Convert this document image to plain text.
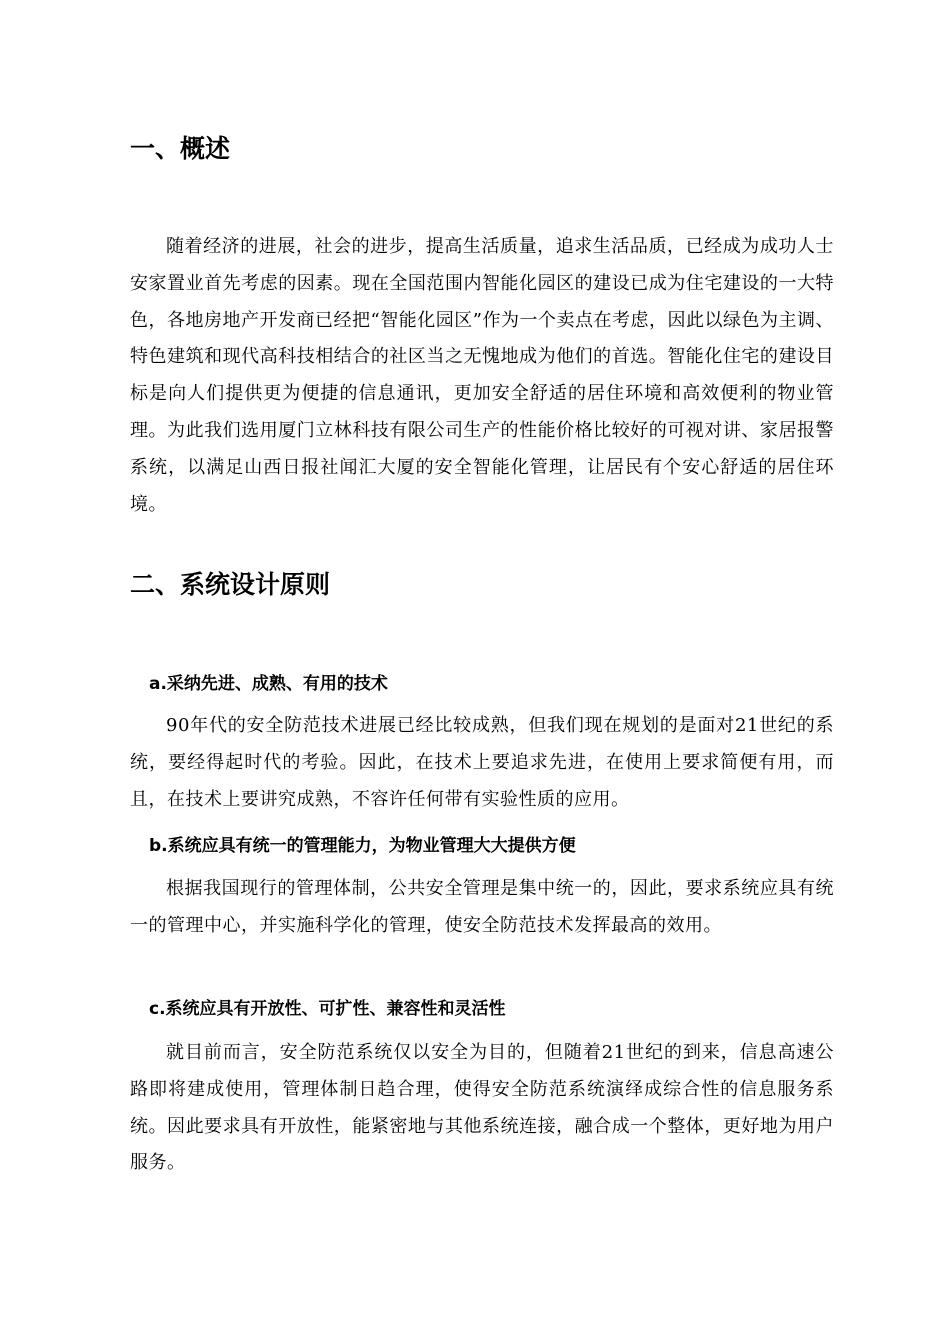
一、概述

随着经济的进展，社会的进步，提高生活质量，追求生活品质，已经成为成功人士安家置业首先考虑的因素。现在全国范围内智能化园区的建设已成为住宅建设的一大特色，各地房地产开发商已经把“智能化园区”作为一个卖点在考虑，因此以绿色为主调、特色建筑和现代高科技相结合的社区当之无愧地成为他们的首选。智能化住宅的建设目标是向人们提供更为便捷的信息通讯，更加安全舒适的居住环境和高效便利的物业管理。为此我们选用厦门立林科技有限公司生产的性能价格比较好的可视对讲、家居报警系统，以满足山西日报社闻汇大厦的安全智能化管理，让居民有个安心舒适的居住环境。

二、系统设计原则
a.采纳先进、成熟、有用的技术

90年代的安全防范技术进展已经比较成熟，但我们现在规划的是面对21世纪的系统，要经得起时代的考验。因此，在技术上要追求先进，在使用上要求简便有用，而且，在技术上要讲究成熟，不容许任何带有实验性质的应用。

b.系统应具有统一的管理能力，为物业管理大大提供方便

根据我国现行的管理体制，公共安全管理是集中统一的，因此，要求系统应具有统一的管理中心，并实施科学化的管理，使安全防范技术发挥最高的效用。

c.系统应具有开放性、可扩性、兼容性和灵活性

就目前而言，安全防范系统仅以安全为目的，但随着21世纪的到来，信息高速公路即将建成使用，管理体制日趋合理，使得安全防范系统演绎成综合性的信息服务系统。因此要求具有开放性，能紧密地与其他系统连接，融合成一个整体，更好地为用户服务。
